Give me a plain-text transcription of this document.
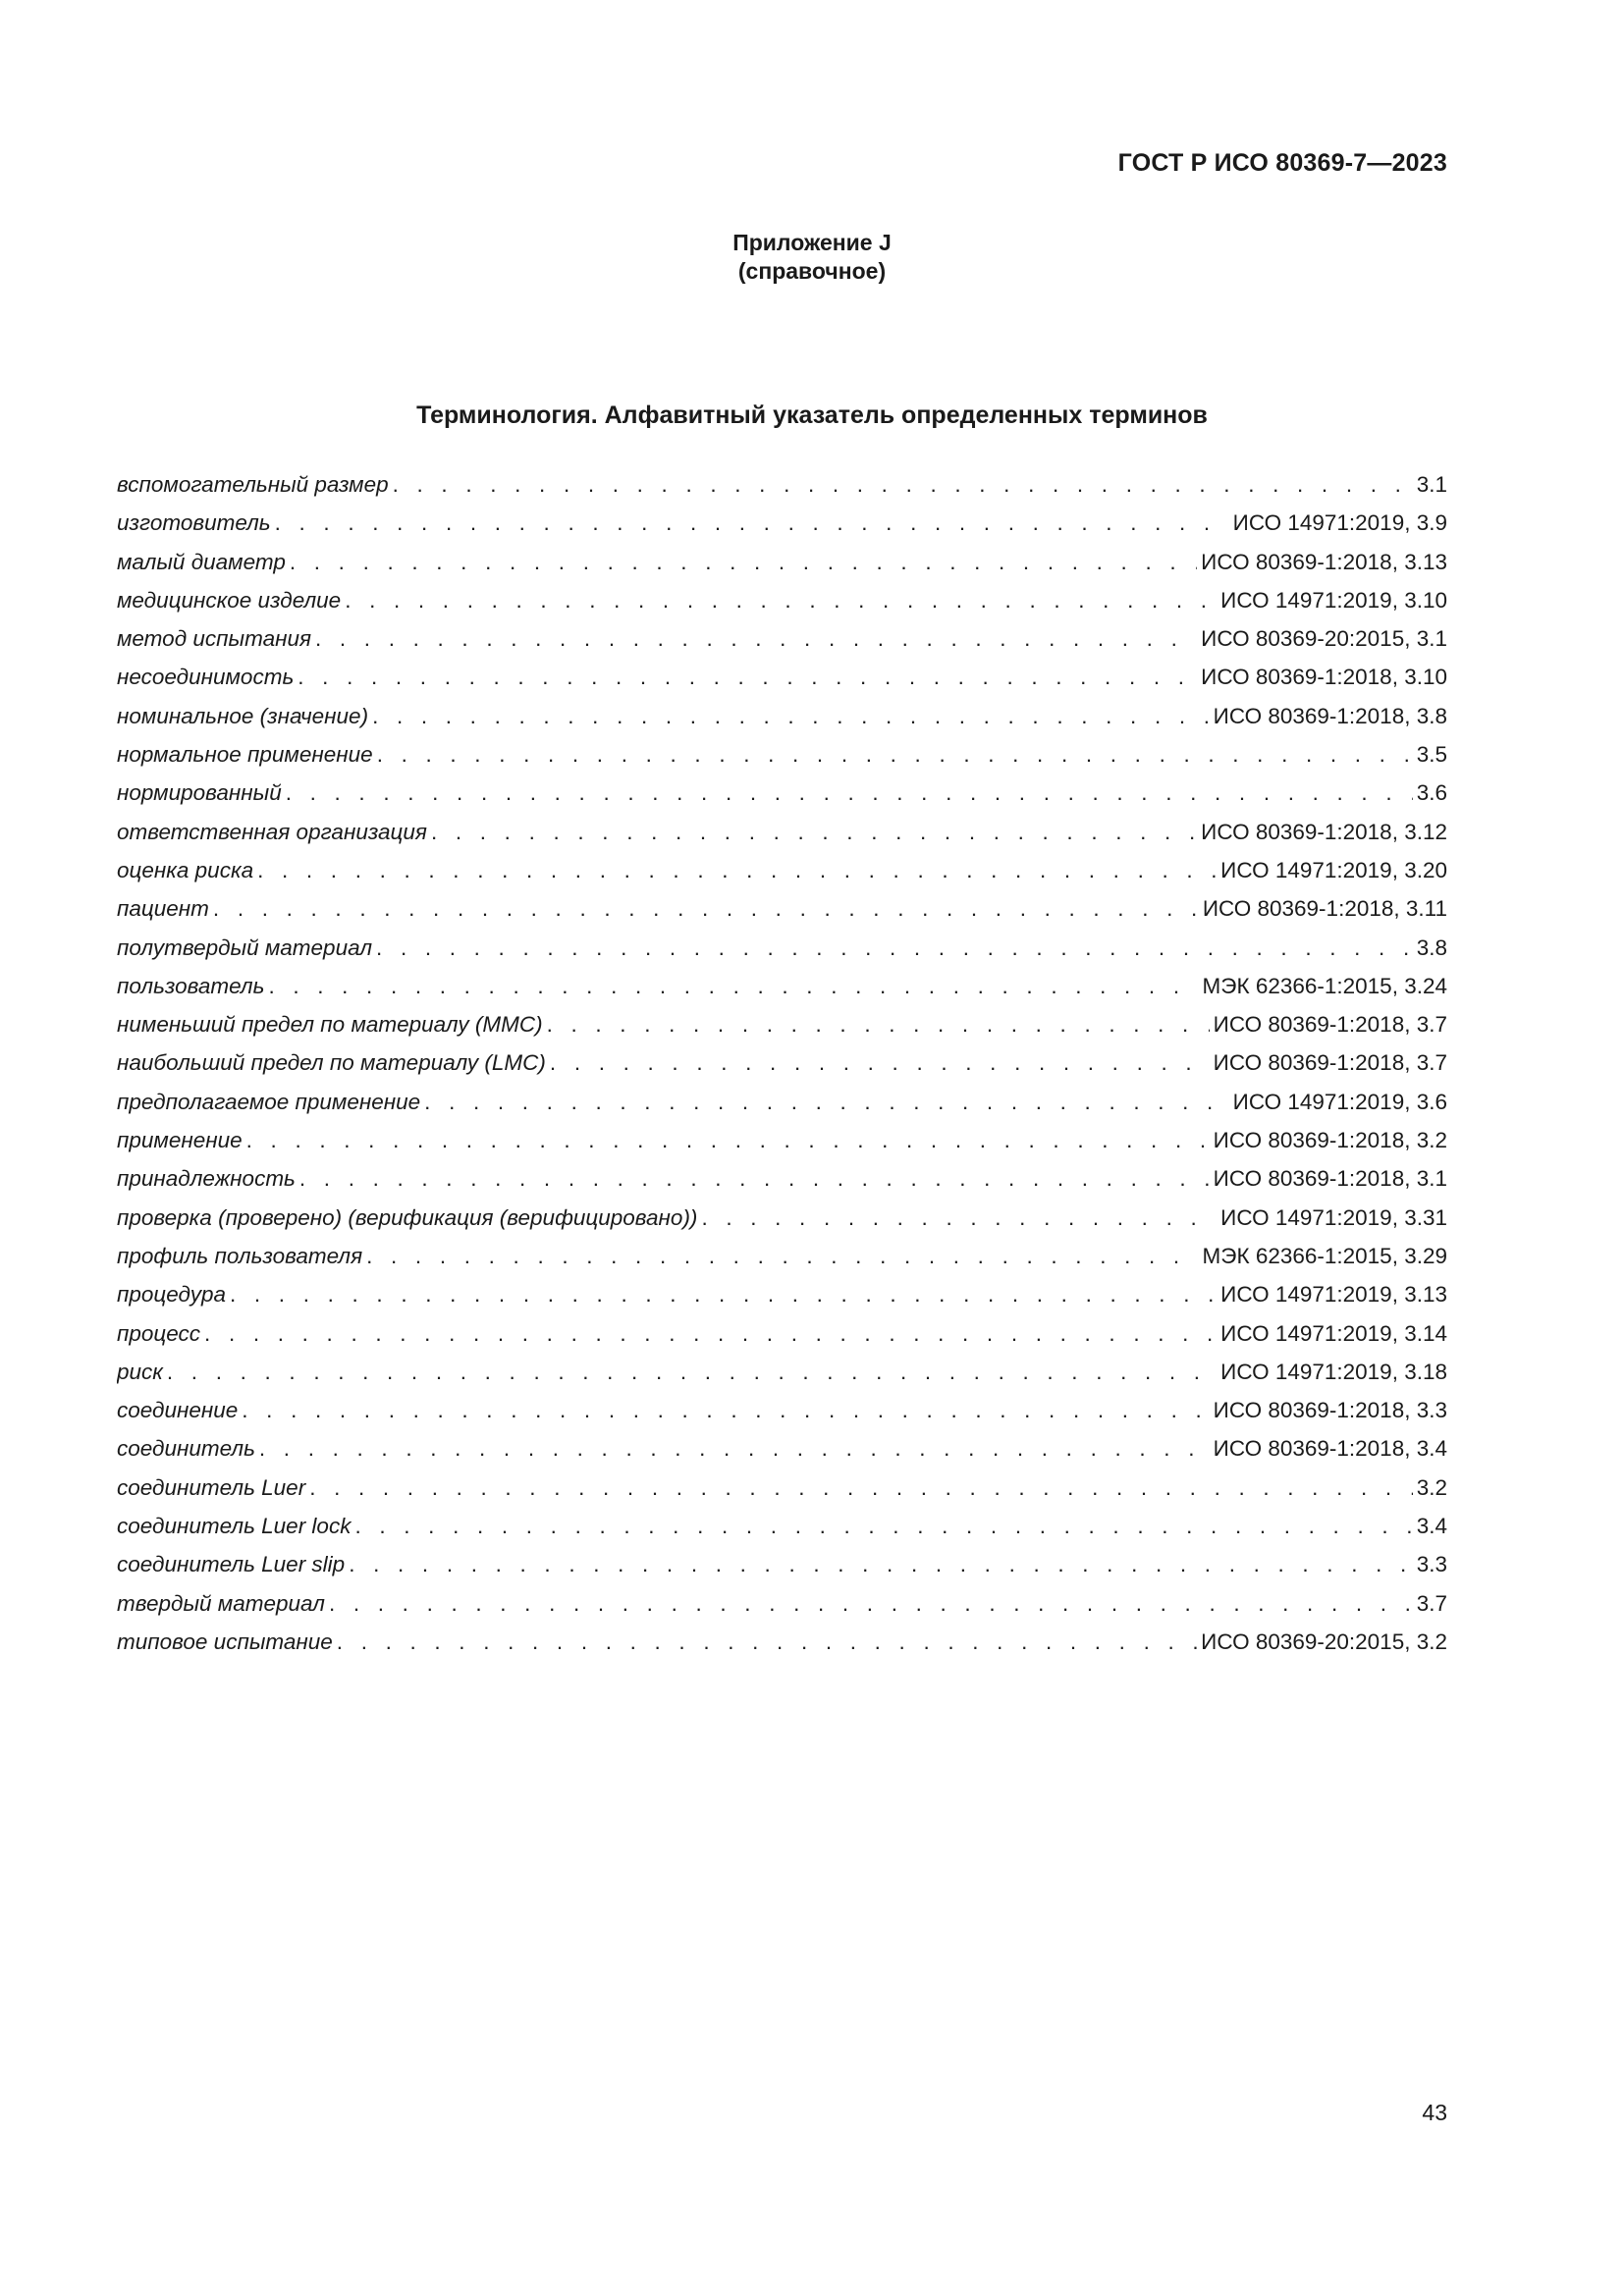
ГОСТ Р ИСО 80369-7—2023
Приложение J
(справочное)
Терминология. Алфавитный указатель определенных терминов
вспомогательный размер . . .	3.1
изготовитель . . .	ИСО 14971:2019, 3.9
малый диаметр . . .	ИСО 80369-1:2018, 3.13
медицинское изделие . . .	ИСО 14971:2019, 3.10
метод испытания . . .	ИСО 80369-20:2015, 3.1
несоединимость . . .	ИСО 80369-1:2018, 3.10
номинальное (значение) . . .	ИСО 80369-1:2018, 3.8
нормальное применение . . .	3.5
нормированный . . .	3.6
ответственная организация . . .	ИСО 80369-1:2018, 3.12
оценка риска . . .	ИСО 14971:2019, 3.20
пациент . . .	ИСО 80369-1:2018, 3.11
полутвердый материал . . .	3.8
пользователь . . .	МЭК 62366-1:2015, 3.24
нименьший предел по материалу (MMC) . . .	ИСО 80369-1:2018, 3.7
наибольший предел по материалу (LMC) . . .	ИСО 80369-1:2018, 3.7
предполагаемое применение . . .	ИСО 14971:2019, 3.6
применение . . .	ИСО 80369-1:2018, 3.2
принадлежность . . .	ИСО 80369-1:2018, 3.1
проверка (проверено) (верификация (верифицировано)) . . .	ИСО 14971:2019, 3.31
профиль пользователя . . .	МЭК 62366-1:2015, 3.29
процедура . . .	ИСО 14971:2019, 3.13
процесс . . .	ИСО 14971:2019, 3.14
риск . . .	ИСО 14971:2019, 3.18
соединение . . .	ИСО 80369-1:2018, 3.3
соединитель . . .	ИСО 80369-1:2018, 3.4
соединитель Luer . . .	3.2
соединитель Luer lock . . .	3.4
соединитель Luer slip . . .	3.3
твердый материал . . .	3.7
типовое испытание . . .	ИСО 80369-20:2015, 3.2
43
